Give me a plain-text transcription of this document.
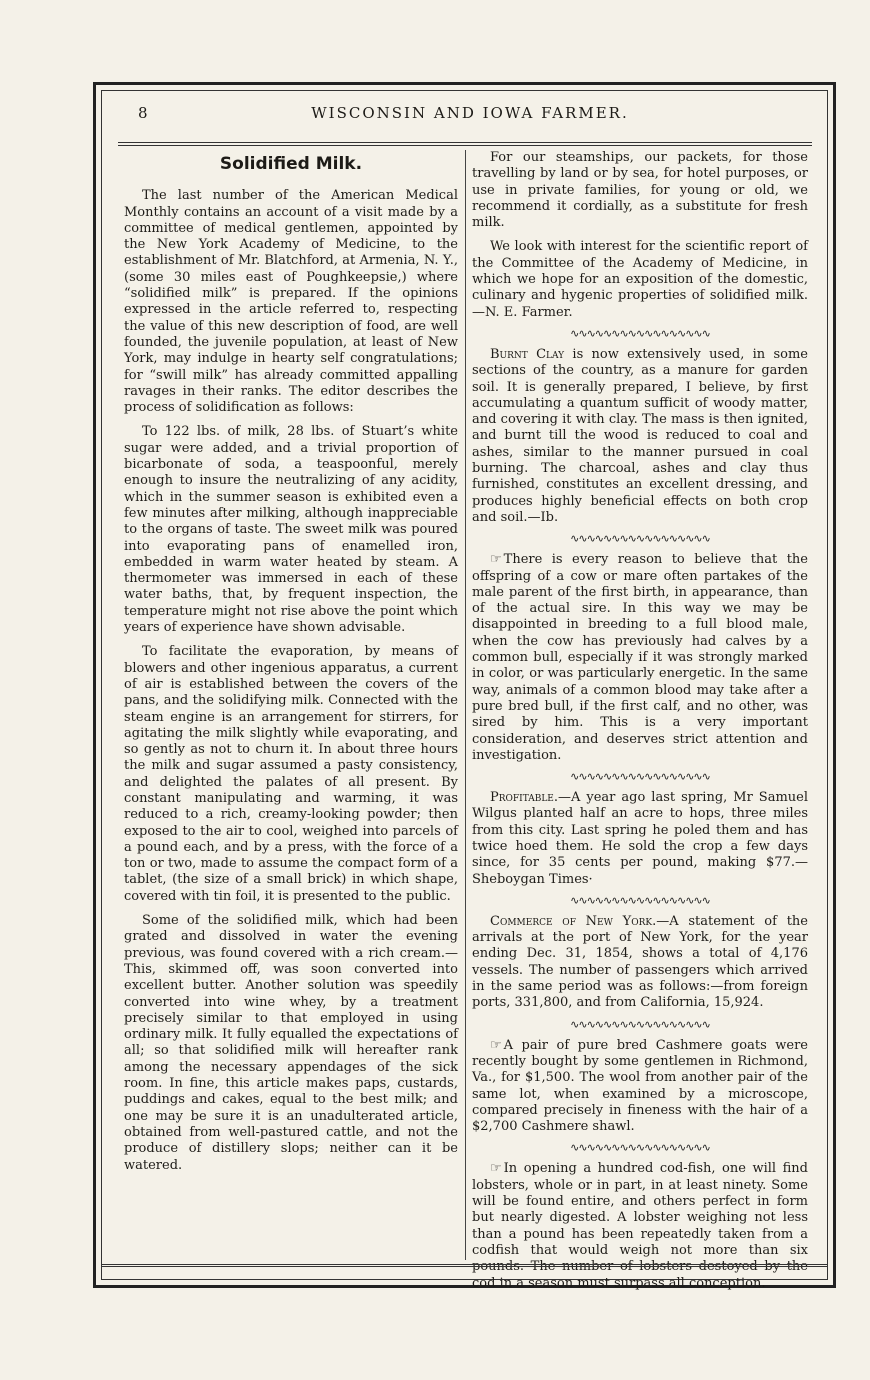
8	WISCONSIN AND IOWA FARMER.
Solidified Milk.

The last number of the American Medical Monthly contains an account of a visit made by a committee of medical gentlemen, appointed by the New York Academy of Medicine, to the establishment of Mr. Blatchford, at Armenia, N. Y., (some 30 miles east of Poughkeepsie,) where “solidified milk” is prepared. If the opinions expressed in the article referred to, respecting the value of this new description of food, are well founded, the juvenile population, at least of New York, may indulge in hearty self congratulations; for “swill milk” has already committed appalling ravages in their ranks. The editor describes the process of solidification as follows:

To 122 lbs. of milk, 28 lbs. of Stuart’s white sugar were added, and a trivial proportion of bicarbonate of soda, a teaspoonful, merely enough to insure the neutralizing of any acidity, which in the summer season is exhibited even a few minutes after milking, although inappreciable to the organs of taste. The sweet milk was poured into evaporating pans of enamelled iron, embedded in warm water heated by steam. A thermometer was immersed in each of these water baths, that, by frequent inspection, the temperature might not rise above the point which years of experience have shown advisable.

To facilitate the evaporation, by means of blowers and other ingenious apparatus, a current of air is established between the covers of the pans, and the solidifying milk. Connected with the steam engine is an arrangement for stirrers, for agitating the milk slightly while evaporating, and so gently as not to churn it. In about three hours the milk and sugar assumed a pasty consistency, and delighted the palates of all present. By constant manipulating and warming, it was reduced to a rich, creamy-looking powder; then exposed to the air to cool, weighed into parcels of a pound each, and by a press, with the force of a ton or two, made to assume the compact form of a tablet, (the size of a small brick) in which shape, covered with tin foil, it is presented to the public.

Some of the solidified milk, which had been grated and dissolved in water the evening previous, was found covered with a rich cream.—This, skimmed off, was soon converted into excellent butter. Another solution was speedily converted into wine whey, by a treatment precisely similar to that employed in using ordinary milk. It fully equalled the expectations of all; so that solidified milk will hereafter rank among the necessary appendages of the sick room. In fine, this article makes paps, custards, puddings and cakes, equal to the best milk; and one may be sure it is an unadulterated article, obtained from well-pastured cattle, and not the produce of distillery slops; neither can it be watered.

For our steamships, our packets, for those travelling by land or by sea, for hotel purposes, or use in private families, for young or old, we recommend it cordially, as a substitute for fresh milk.

We look with interest for the scientific report of the Committee of the Academy of Medicine, in which we hope for an exposition of the domestic, culinary and hygenic properties of solidified milk.—N. E. Farmer.

∿∿∿∿∿∿∿∿∿∿∿∿∿∿∿∿∿

Burnt Clay is now extensively used, in some sections of the country, as a manure for garden soil. It is generally prepared, I believe, by first accumulating a quantum sufficit of woody matter, and covering it with clay. The mass is then ignited, and burnt till the wood is reduced to coal and ashes, similar to the manner pursued in coal burning. The charcoal, ashes and clay thus furnished, constitutes an excellent dressing, and produces highly beneficial effects on both crop and soil.—Ib.

∿∿∿∿∿∿∿∿∿∿∿∿∿∿∿∿∿

☞ There is every reason to believe that the offspring of a cow or mare often partakes of the male parent of the first birth, in appearance, than of the actual sire. In this way we may be disappointed in breeding to a full blood male, when the cow has previously had calves by a common bull, especially if it was strongly marked in color, or was particularly energetic. In the same way, animals of a common blood may take after a pure bred bull, if the first calf, and no other, was sired by him. This is a very important consideration, and deserves strict attention and investigation.

∿∿∿∿∿∿∿∿∿∿∿∿∿∿∿∿∿

Profitable.—A year ago last spring, Mr Samuel Wilgus planted half an acre to hops, three miles from this city. Last spring he poled them and has twice hoed them. He sold the crop a few days since, for 35 cents per pound, making $77.—Sheboygan Times·

∿∿∿∿∿∿∿∿∿∿∿∿∿∿∿∿∿

Commerce of New York.—A statement of the arrivals at the port of New York, for the year ending Dec. 31, 1854, shows a total of 4,176 vessels. The number of passengers which arrived in the same period was as follows:—from foreign ports, 331,800, and from California, 15,924.

∿∿∿∿∿∿∿∿∿∿∿∿∿∿∿∿∿

☞ A pair of pure bred Cashmere goats were recently bought by some gentlemen in Richmond, Va., for $1,500. The wool from another pair of the same lot, when examined by a microscope, compared precisely in fineness with the hair of a $2,700 Cashmere shawl.

∿∿∿∿∿∿∿∿∿∿∿∿∿∿∿∿∿

☞ In opening a hundred cod-fish, one will find lobsters, whole or in part, in at least ninety. Some will be found entire, and others perfect in form but nearly digested. A lobster weighing not less than a pound has been repeatedly taken from a codfish that would weigh not more than six pounds. The number of lobsters destoyed by the cod in a season must surpass all conception.
